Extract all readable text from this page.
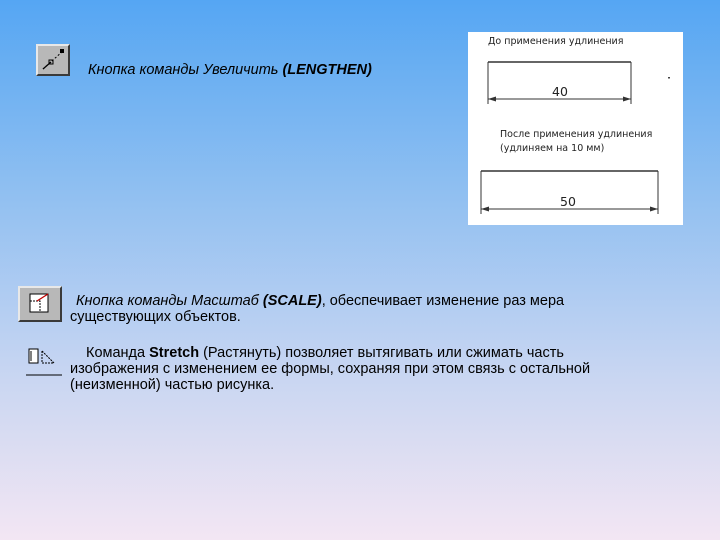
Кнопка команды Увеличить (LENGTHEN)
До применения удлинения
40
После применения удлинения
(удлиняем на 10 мм)
50
Кнопка команды Масштаб (SCALE), обеспечивает изменение раз мера
существующих объектов.
Команда Stretch (Растянуть) позволяет вытягивать или сжимать часть
изображения с изменением ее формы, сохраняя при этом связь с остальной
(неизменной) частью рисунка.
